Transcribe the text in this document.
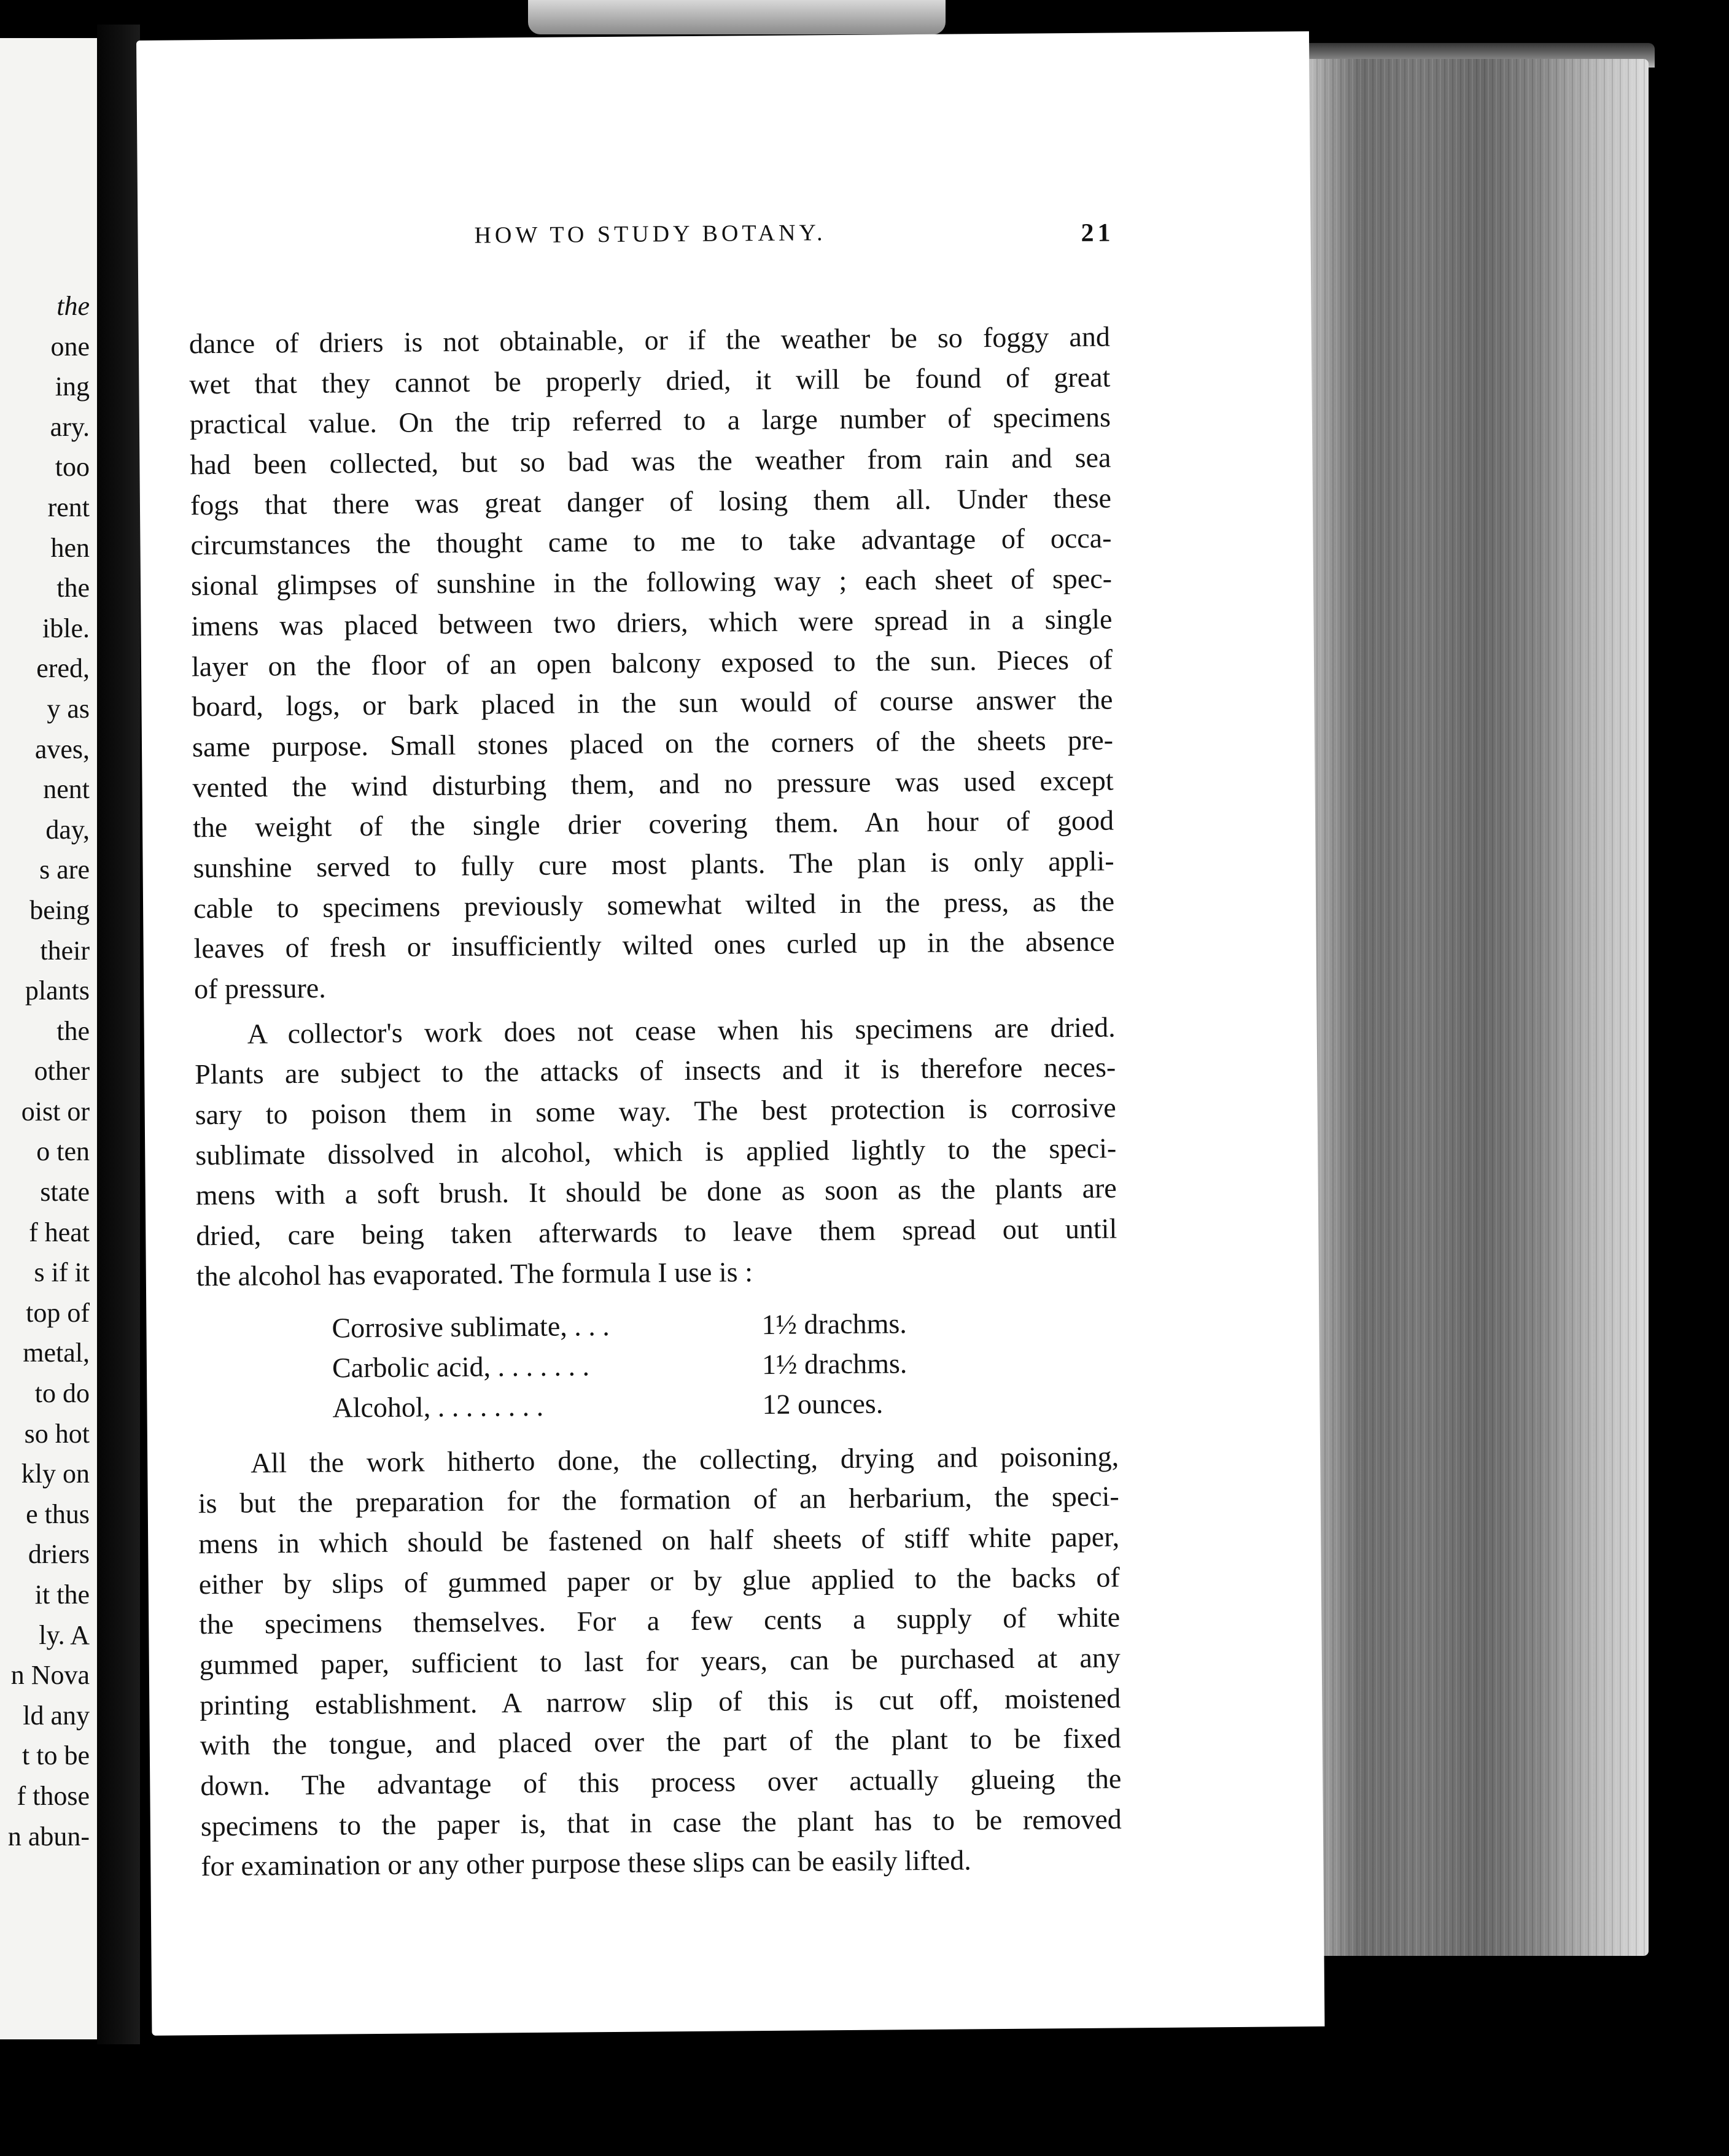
the
one
ing
ary.
too
rent
hen
the
ible.
ered,
y as
aves,
nent
day,
s are
being
their
plants
the
other
oist or
o ten
state
f heat
s if it
top of
metal,
to do
so hot
kly on
e thus
driers
it the
ly. A
n Nova
ld any
t to be
f those
n abun-
HOW TO STUDY BOTANY.	21
dance of driers is not obtainable, or if the weather be so foggy and
wet that they cannot be properly dried, it will be found of great
practical value. On the trip referred to a large number of specimens
had been collected, but so bad was the weather from rain and sea
fogs that there was great danger of losing them all. Under these
circumstances the thought came to me to take advantage of occa-
sional glimpses of sunshine in the following way ; each sheet of spec-
imens was placed between two driers, which were spread in a single
layer on the floor of an open balcony exposed to the sun. Pieces of
board, logs, or bark placed in the sun would of course answer the
same purpose. Small stones placed on the corners of the sheets pre-
vented the wind disturbing them, and no pressure was used except
the weight of the single drier covering them. An hour of good
sunshine served to fully cure most plants. The plan is only appli-
cable to specimens previously somewhat wilted in the press, as the
leaves of fresh or insufficiently wilted ones curled up in the absence
of pressure.
A collector's work does not cease when his specimens are dried.
Plants are subject to the attacks of insects and it is therefore neces-
sary to poison them in some way. The best protection is corrosive
sublimate dissolved in alcohol, which is applied lightly to the speci-
mens with a soft brush. It should be done as soon as the plants are
dried, care being taken afterwards to leave them spread out until
the alcohol has evaporated. The formula I use is :
Corrosive sublimate, . . .	1½ drachms.
Carbolic acid, . . . . . . .	1½ drachms.
Alcohol, . . . . . . . .	12 ounces.
All the work hitherto done, the collecting, drying and poisoning,
is but the preparation for the formation of an herbarium, the speci-
mens in which should be fastened on half sheets of stiff white paper,
either by slips of gummed paper or by glue applied to the backs of
the specimens themselves. For a few cents a supply of white
gummed paper, sufficient to last for years, can be purchased at any
printing establishment. A narrow slip of this is cut off, moistened
with the tongue, and placed over the part of the plant to be fixed
down. The advantage of this process over actually glueing the
specimens to the paper is, that in case the plant has to be removed
for examination or any other purpose these slips can be easily lifted.
